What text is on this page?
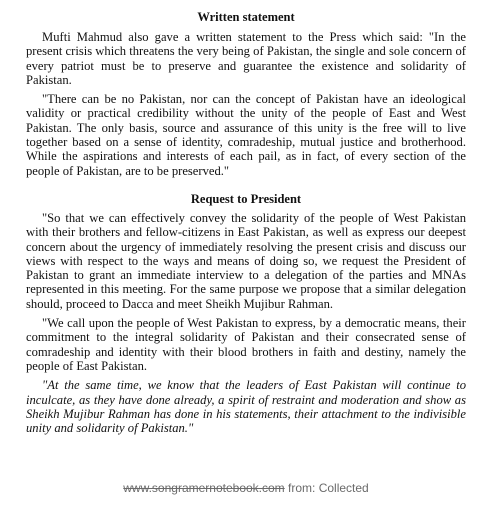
Written statement

Mufti Mahmud also gave a written statement to the Press which said: "In the present crisis which threatens the very being of Pakistan, the single and sole concern of every patriot must be to preserve and guarantee the existence and solidarity of Pakistan.

"There can be no Pakistan, nor can the concept of Pakistan have an ideological validity or practical credibility without the unity of the people of East and West Pakistan. The only basis, source and assurance of this unity is the free will to live together based on a sense of identity, comradeship, mutual justice and brotherhood. While the aspirations and interests of each pail, as in fact, of every section of the people of Pakistan, are to be preserved."

Request to President

"So that we can effectively convey the solidarity of the people of West Pakistan with their brothers and fellow-citizens in East Pakistan, as well as express our deepest concern about the urgency of immediately resolving the present crisis and discuss our views with respect to the ways and means of doing so, we request the President of Pakistan to grant an immediate interview to a delegation of the parties and MNAs represented in this meeting. For the same purpose we propose that a similar delegation should, proceed to Dacca and meet Sheikh Mujibur Rahman.

"We call upon the people of West Pakistan to express, by a democratic means, their commitment to the integral solidarity of Pakistan and their consecrated sense of comradeship and identity with their blood brothers in faith and destiny, namely the people of East Pakistan.

"At the same time, we know that the leaders of East Pakistan will continue to inculcate, as they have done already, a spirit of restraint and moderation and show as Sheikh Mujibur Rahman has done in his statements, their attachment to the indivisible unity and solidarity of Pakistan."

www.songramernotebook.com from: Collected
